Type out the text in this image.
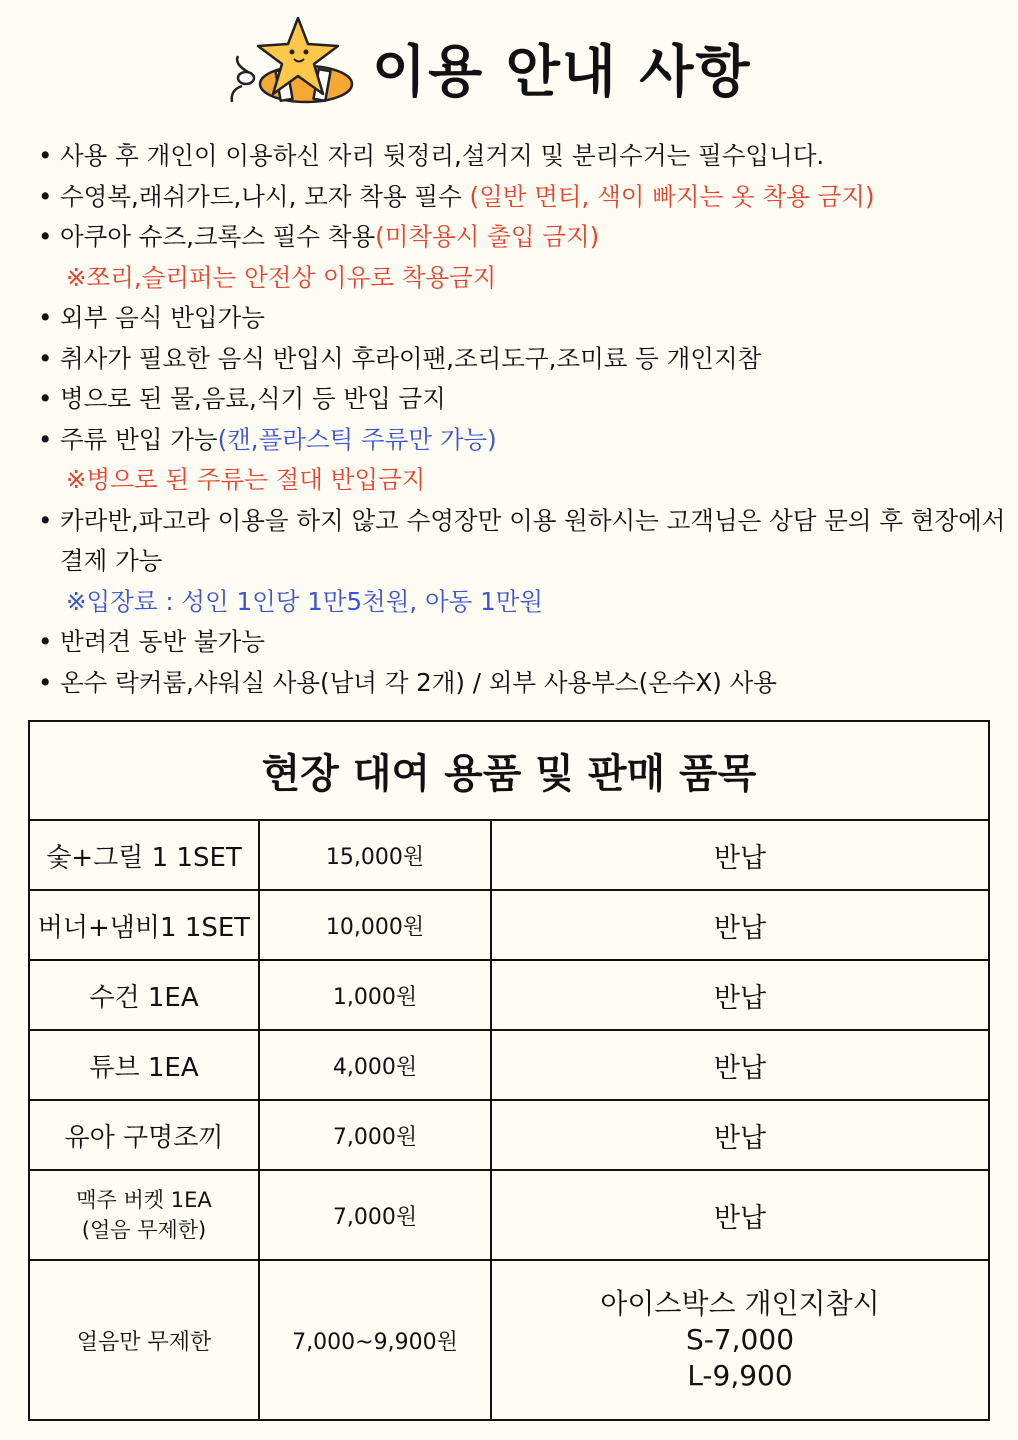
이용 안내 사항
• 사용 후 개인이 이용하신 자리 뒷정리,설거지 및 분리수거는 필수입니다.
• 수영복,래쉬가드,나시, 모자 착용 필수 (일반 면티, 색이 빠지는 옷 착용 금지)
• 아쿠아 슈즈,크록스 필수 착용(미착용시 출입 금지)
※쪼리,슬리퍼는 안전상 이유로 착용금지
• 외부 음식 반입가능
• 취사가 필요한 음식 반입시 후라이팬,조리도구,조미료 등 개인지참
• 병으로 된 물,음료,식기 등 반입 금지
• 주류 반입 가능(캔,플라스틱 주류만 가능)
※병으로 된 주류는 절대 반입금지
• 카라반,파고라 이용을 하지 않고 수영장만 이용 원하시는 고객님은 상담 문의 후 현장에서 결제 가능
※입장료 : 성인 1인당 1만5천원, 아동 1만원
• 반려견 동반 불가능
• 온수 락커룸,샤워실 사용(남녀 각 2개) / 외부 사용부스(온수X) 사용
현장 대여 용품 및 판매 품목		
숯+그릴 1 1SET	15,000원	반납
버너+냄비1 1SET	10,000원	반납
수건 1EA	1,000원	반납
튜브 1EA	4,000원	반납
유아 구명조끼	7,000원	반납

맥주 버켓 1EA
(얼음 무제한)	7,000원	반납
얼음만 무제한	7,000~9,900원	아이스박스 개인지참시
S-7,000
L-9,900
